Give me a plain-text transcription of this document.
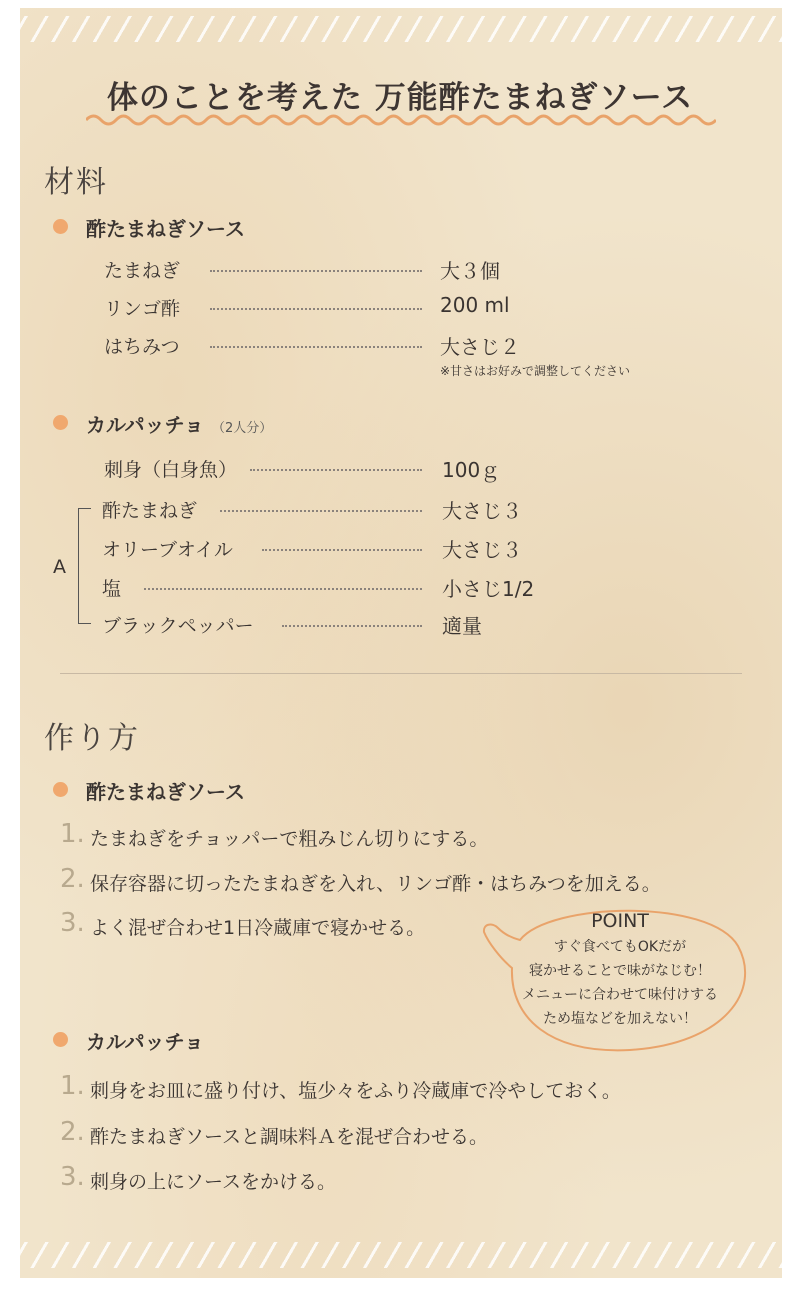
体のことを考えた 万能酢たまねぎソース
材料
酢たまねぎソース
たまねぎ	大３個
リンゴ酢	200 ml
はちみつ	大さじ２
※甘さはお好みで調整してください
カルパッチョ （2人分）
刺身（白身魚）	100ｇ
A
酢たまねぎ	大さじ３
オリーブオイル	大さじ３
塩	小さじ1/2
ブラックペッパー	適量
作り方
酢たまねぎソース
1. たまねぎをチョッパーで粗みじん切りにする。
2. 保存容器に切ったたまねぎを入れ、リンゴ酢・はちみつを加える。
3. よく混ぜ合わせ1日冷蔵庫で寝かせる。	POINT
すぐ食べてもOKだが
寝かせることで味がなじむ！
メニューに合わせて味付けする
ため塩などを加えない！
カルパッチョ
1. 刺身をお皿に盛り付け、塩少々をふり冷蔵庫で冷やしておく。
2. 酢たまねぎソースと調味料Ａを混ぜ合わせる。
3. 刺身の上にソースをかける。
